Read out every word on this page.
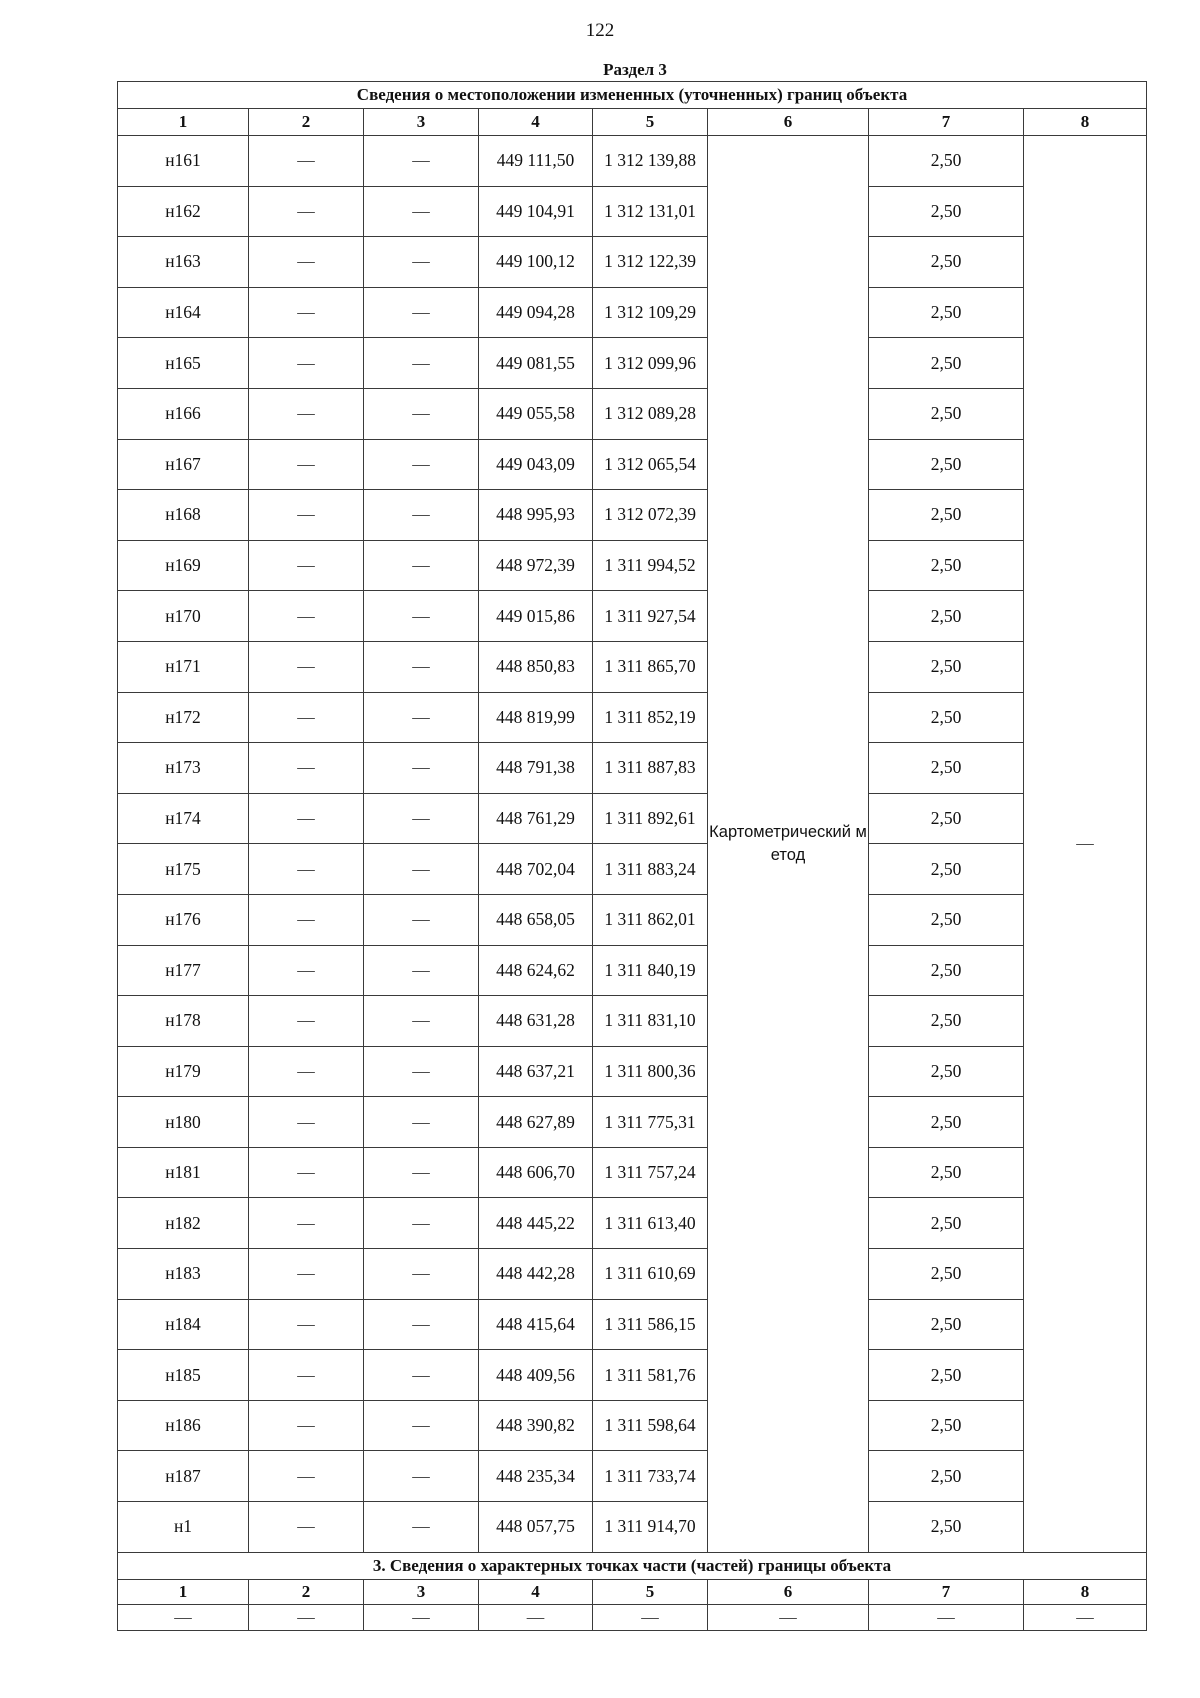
122
Раздел 3
Сведения о местоположении измененных (уточненных) границ объекта							
1	2	3	4	5	6	7	8
н161	—	—	449 111,50	1 312 139,88	Картометрический метод	2,50	—
н162	—	—	449 104,91	1 312 131,01		2,50	
н163	—	—	449 100,12	1 312 122,39		2,50	
н164	—	—	449 094,28	1 312 109,29		2,50	
н165	—	—	449 081,55	1 312 099,96		2,50	
н166	—	—	449 055,58	1 312 089,28		2,50	
н167	—	—	449 043,09	1 312 065,54		2,50	
н168	—	—	448 995,93	1 312 072,39		2,50	
н169	—	—	448 972,39	1 311 994,52		2,50	
н170	—	—	449 015,86	1 311 927,54		2,50	
н171	—	—	448 850,83	1 311 865,70		2,50	
н172	—	—	448 819,99	1 311 852,19		2,50	
н173	—	—	448 791,38	1 311 887,83		2,50	
н174	—	—	448 761,29	1 311 892,61		2,50	
н175	—	—	448 702,04	1 311 883,24		2,50	
н176	—	—	448 658,05	1 311 862,01		2,50	
н177	—	—	448 624,62	1 311 840,19		2,50	
н178	—	—	448 631,28	1 311 831,10		2,50	
н179	—	—	448 637,21	1 311 800,36		2,50	
н180	—	—	448 627,89	1 311 775,31		2,50	
н181	—	—	448 606,70	1 311 757,24		2,50	
н182	—	—	448 445,22	1 311 613,40		2,50	
н183	—	—	448 442,28	1 311 610,69		2,50	
н184	—	—	448 415,64	1 311 586,15		2,50	
н185	—	—	448 409,56	1 311 581,76		2,50	
н186	—	—	448 390,82	1 311 598,64		2,50	
н187	—	—	448 235,34	1 311 733,74		2,50	
н1	—	—	448 057,75	1 311 914,70		2,50	
3. Сведения о характерных точках части (частей) границы объекта							
1	2	3	4	5	6	7	8
—	—	—	—	—	—	—	—
